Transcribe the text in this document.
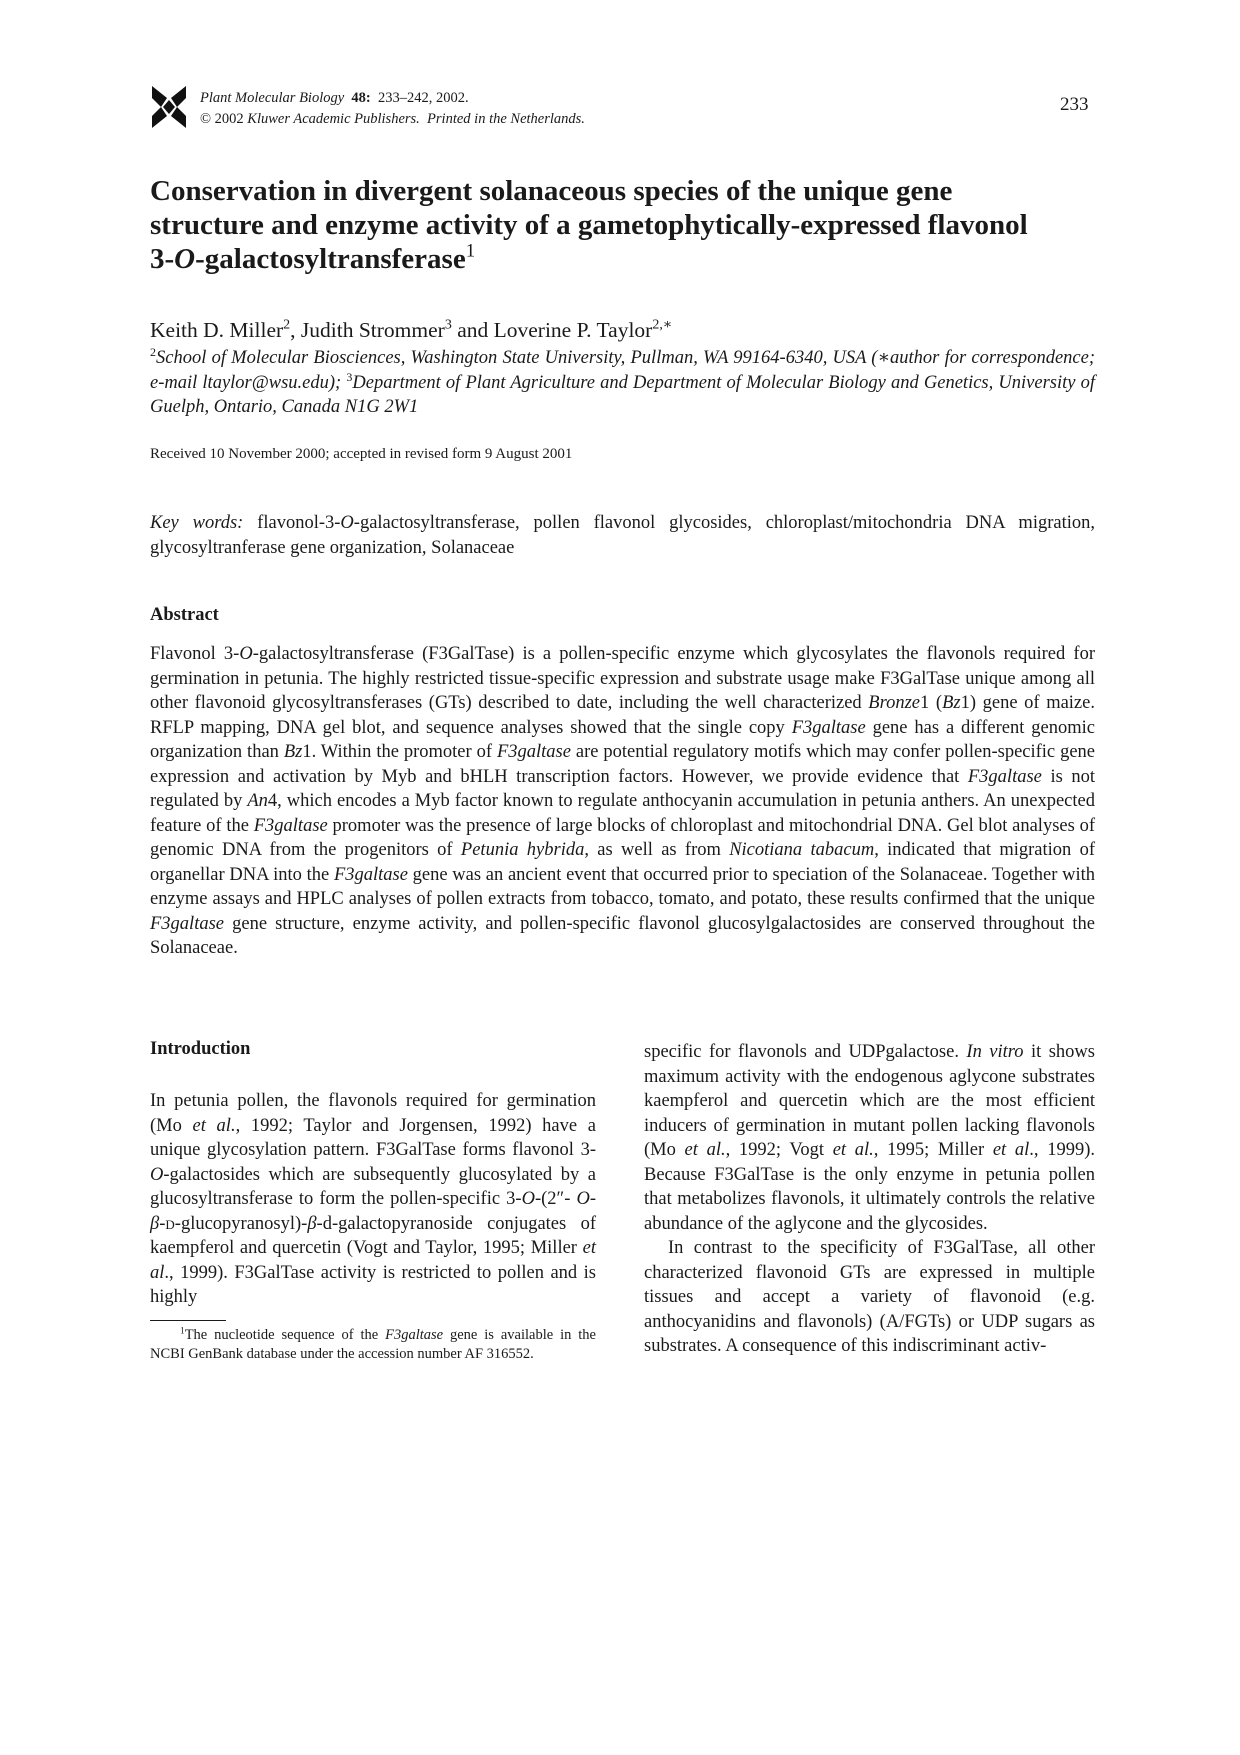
Plant Molecular Biology 48: 233–242, 2002.
© 2002 Kluwer Academic Publishers. Printed in the Netherlands.
233
Conservation in divergent solanaceous species of the unique gene
structure and enzyme activity of a gametophytically-expressed flavonol
3-O-galactosyltransferase$^1$
Keith D. Miller$^2$, Judith Strommer$^3$ and Loverine P. Taylor$^{2,∗}$
$^2$School of Molecular Biosciences, Washington State University, Pullman, WA 99164-6340, USA (∗author for correspondence; e-mail ltaylor@wsu.edu); $^3$Department of Plant Agriculture and Department of Molecular Biology and Genetics, University of Guelph, Ontario, Canada N1G 2W1
Received 10 November 2000; accepted in revised form 9 August 2001
Key words: flavonol-3-O-galactosyltransferase, pollen flavonol glycosides, chloroplast/mitochondria DNA migration, glycosyltranferase gene organization, Solanaceae
Abstract

Flavonol 3-O-galactosyltransferase (F3GalTase) is a pollen-specific enzyme which glycosylates the flavonols required for germination in petunia. The highly restricted tissue-specific expression and substrate usage make F3GalTase unique among all other flavonoid glycosyltransferases (GTs) described to date, including the well characterized Bronze1 (Bz1) gene of maize. RFLP mapping, DNA gel blot, and sequence analyses showed that the single copy F3galtase gene has a different genomic organization than Bz1. Within the promoter of F3galtase are potential regulatory motifs which may confer pollen-specific gene expression and activation by Myb and bHLH transcription factors. However, we provide evidence that F3galtase is not regulated by An4, which encodes a Myb factor known to regulate anthocyanin accumulation in petunia anthers. An unexpected feature of the F3galtase promoter was the presence of large blocks of chloroplast and mitochondrial DNA. Gel blot analyses of genomic DNA from the progenitors of Petunia hybrida, as well as from Nicotiana tabacum, indicated that migration of organellar DNA into the F3galtase gene was an ancient event that occurred prior to speciation of the Solanaceae. Together with enzyme assays and HPLC analyses of pollen extracts from tobacco, tomato, and potato, these results confirmed that the unique F3galtase gene structure, enzyme activity, and pollen-specific flavonol glucosylgalactosides are conserved throughout the Solanaceae.

Introduction

In petunia pollen, the flavonols required for germination (Mo et al., 1992; Taylor and Jorgensen, 1992) have a unique glycosylation pattern. F3GalTase forms flavonol 3-O-galactosides which are subsequently glucosylated by a glucosyltransferase to form the pollen-specific 3-O-(2″- O-β-d-glucopyranosyl)-β-d-galactopyranoside conjugates of kaempferol and quercetin (Vogt and Taylor, 1995; Miller et al., 1999). F3GalTase activity is restricted to pollen and is highly

specific for flavonols and UDPgalactose. In vitro it shows maximum activity with the endogenous aglycone substrates kaempferol and quercetin which are the most efficient inducers of germination in mutant pollen lacking flavonols (Mo et al., 1992; Vogt et al., 1995; Miller et al., 1999). Because F3GalTase is the only enzyme in petunia pollen that metabolizes flavonols, it ultimately controls the relative abundance of the aglycone and the glycosides.

In contrast to the specificity of F3GalTase, all other characterized flavonoid GTs are expressed in multiple tissues and accept a variety of flavonoid (e.g. anthocyanidins and flavonols) (A/FGTs) or UDP sugars as substrates. A consequence of this indiscriminant activ-

$^1$The nucleotide sequence of the F3galtase gene is available in the NCBI GenBank database under the accession number AF 316552.
